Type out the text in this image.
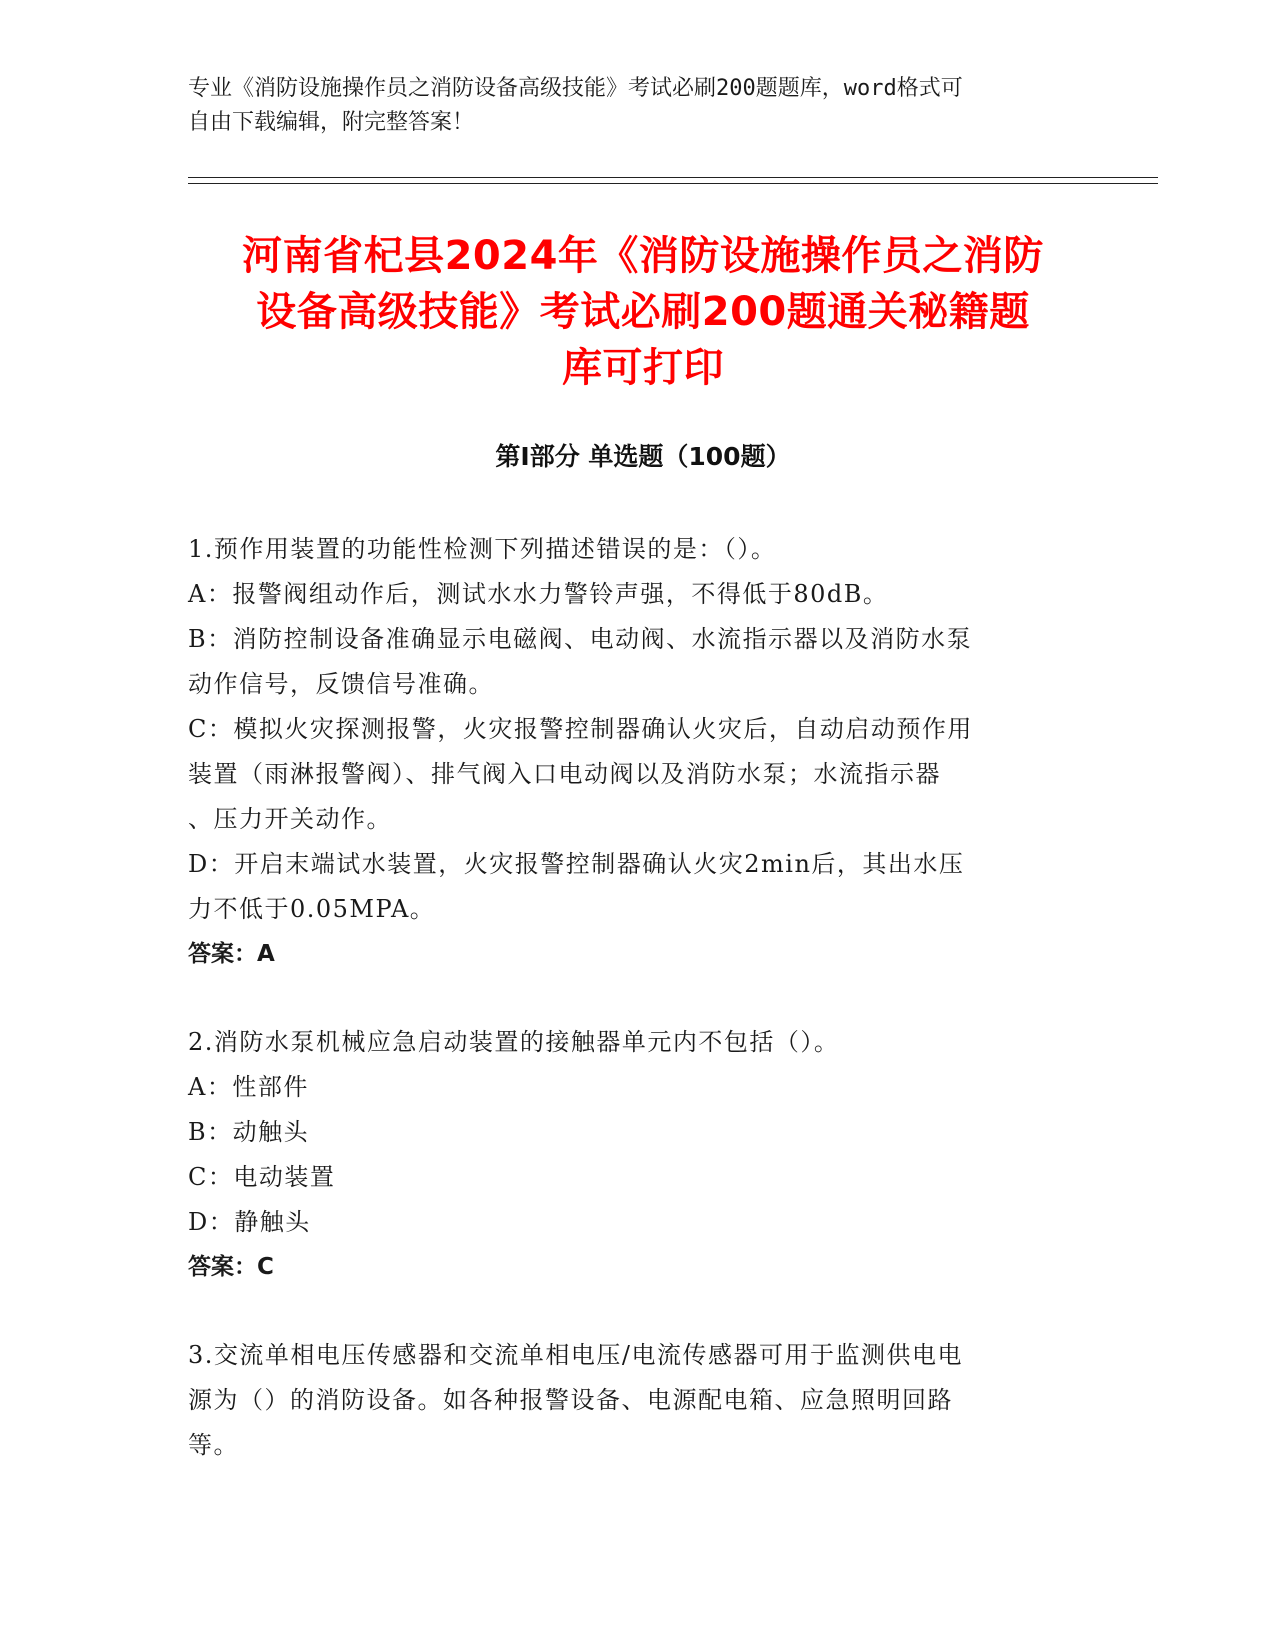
专业《消防设施操作员之消防设备高级技能》考试必刷200题题库，word格式可
自由下载编辑，附完整答案！
河南省杞县2024年《消防设施操作员之消防
设备高级技能》考试必刷200题通关秘籍题
库可打印
第Ⅰ部分 单选题（100题）
1.预作用装置的功能性检测下列描述错误的是：（）。
A：报警阀组动作后，测试水水力警铃声强，不得低于80dB。
B：消防控制设备准确显示电磁阀、电动阀、水流指示器以及消防水泵
动作信号，反馈信号准确。
C：模拟火灾探测报警，火灾报警控制器确认火灾后，自动启动预作用
装置（雨淋报警阀）、排气阀入口电动阀以及消防水泵；水流指示器
、压力开关动作。
D：开启末端试水装置，火灾报警控制器确认火灾2min后，其出水压
力不低于0.05MPA。
答案：A
2.消防水泵机械应急启动装置的接触器单元内不包括（）。
A：性部件
B：动触头
C：电动装置
D：静触头
答案：C
3.交流单相电压传感器和交流单相电压/电流传感器可用于监测供电电
源为（）的消防设备。如各种报警设备、电源配电箱、应急照明回路
等。
